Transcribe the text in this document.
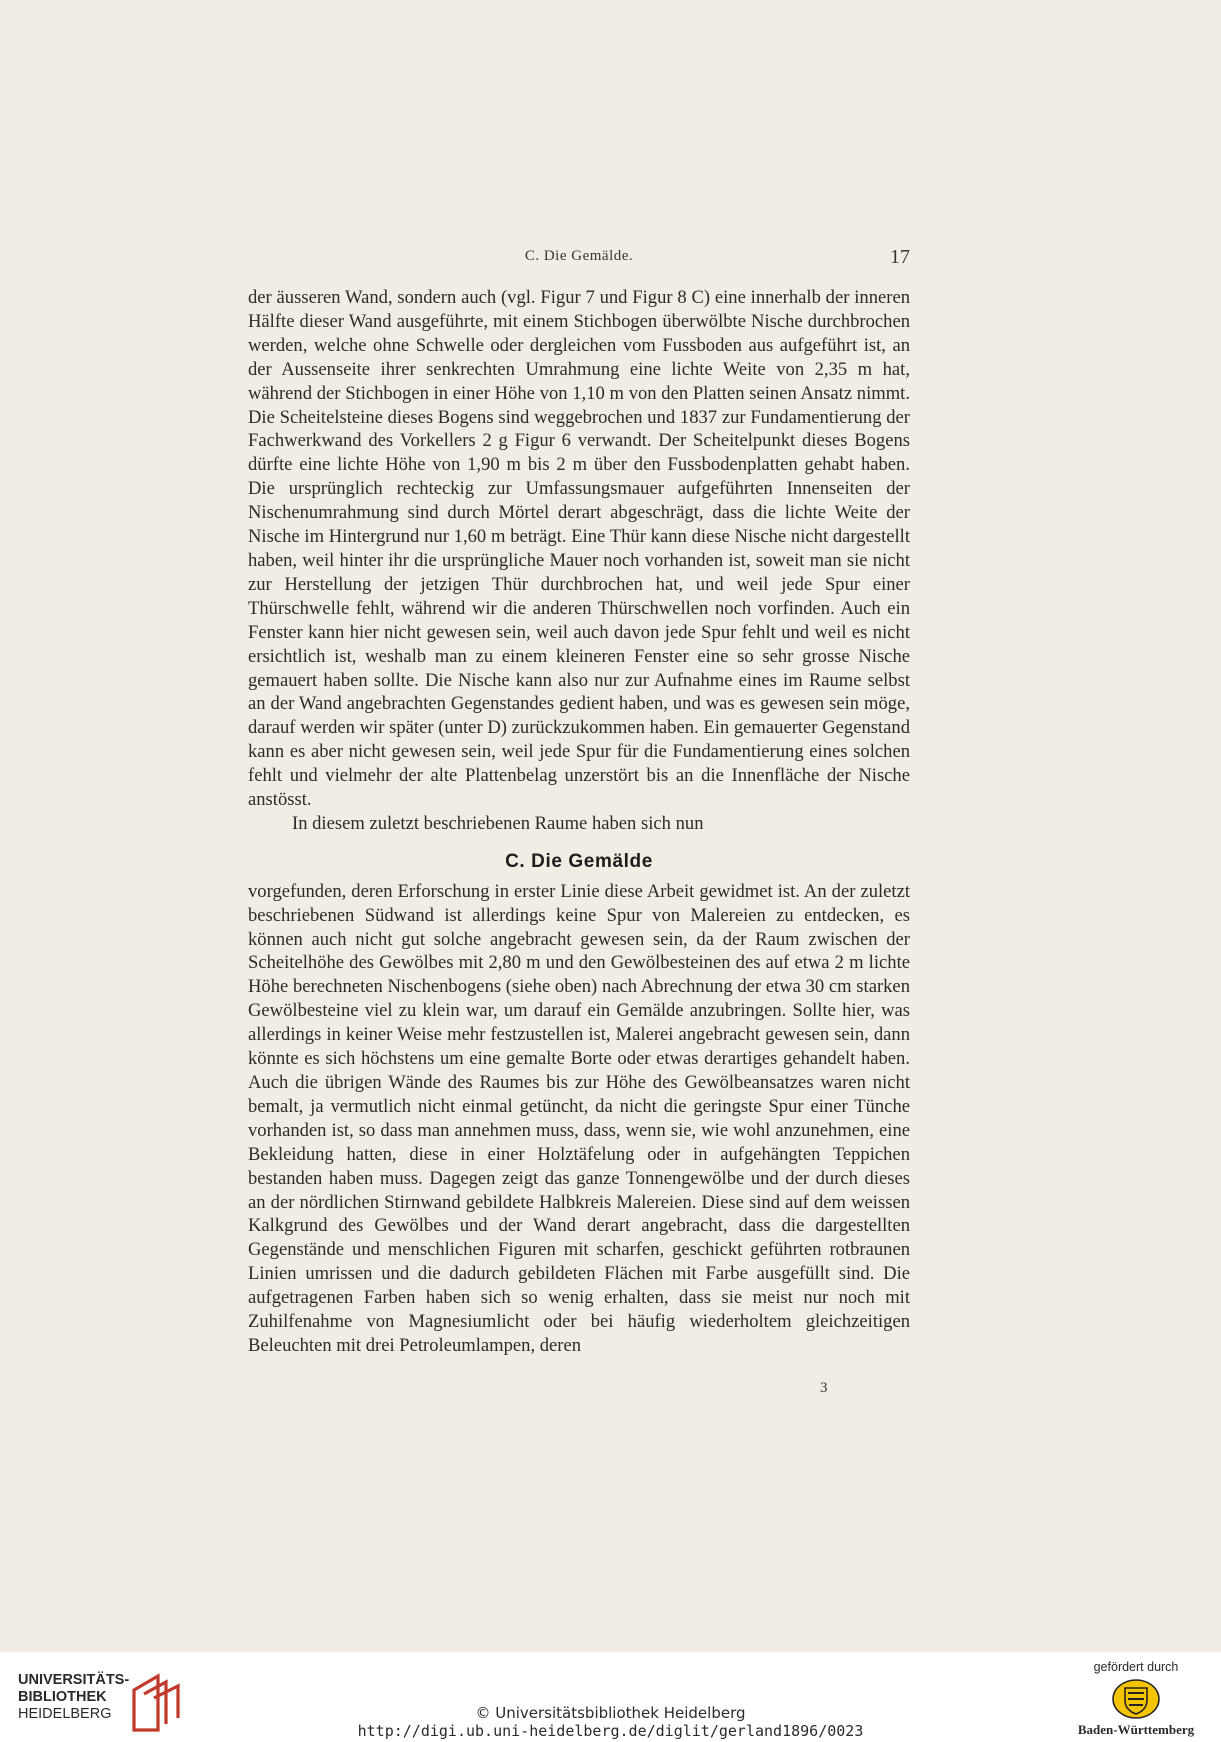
C. Die Gemälde.	17

der äusseren Wand, sondern auch (vgl. Figur 7 und Figur 8 C) eine innerhalb der inneren Hälfte dieser Wand ausgeführte, mit einem Stichbogen überwölbte Nische durchbrochen werden, welche ohne Schwelle oder dergleichen vom Fussboden aus aufgeführt ist, an der Aussenseite ihrer senkrechten Umrahmung eine lichte Weite von 2,35 m hat, während der Stichbogen in einer Höhe von 1,10 m von den Platten seinen Ansatz nimmt. Die Scheitelsteine dieses Bogens sind weggebrochen und 1837 zur Fundamentierung der Fachwerkwand des Vorkellers 2 g Figur 6 verwandt. Der Scheitelpunkt dieses Bogens dürfte eine lichte Höhe von 1,90 m bis 2 m über den Fussbodenplatten gehabt haben. Die ursprünglich rechteckig zur Umfassungsmauer aufgeführten Innenseiten der Nischenumrahmung sind durch Mörtel derart abgeschrägt, dass die lichte Weite der Nische im Hintergrund nur 1,60 m beträgt. Eine Thür kann diese Nische nicht dargestellt haben, weil hinter ihr die ursprüngliche Mauer noch vorhanden ist, soweit man sie nicht zur Herstellung der jetzigen Thür durchbrochen hat, und weil jede Spur einer Thürschwelle fehlt, während wir die anderen Thürschwellen noch vorfinden. Auch ein Fenster kann hier nicht gewesen sein, weil auch davon jede Spur fehlt und weil es nicht ersichtlich ist, weshalb man zu einem kleineren Fenster eine so sehr grosse Nische gemauert haben sollte. Die Nische kann also nur zur Aufnahme eines im Raume selbst an der Wand angebrachten Gegenstandes gedient haben, und was es gewesen sein möge, darauf werden wir später (unter D) zurückzukommen haben. Ein gemauerter Gegenstand kann es aber nicht gewesen sein, weil jede Spur für die Fundamentierung eines solchen fehlt und vielmehr der alte Plattenbelag unzerstört bis an die Innenfläche der Nische anstösst.

In diesem zuletzt beschriebenen Raume haben sich nun

C. Die Gemälde

vorgefunden, deren Erforschung in erster Linie diese Arbeit gewidmet ist. An der zuletzt beschriebenen Südwand ist allerdings keine Spur von Malereien zu entdecken, es können auch nicht gut solche angebracht gewesen sein, da der Raum zwischen der Scheitelhöhe des Gewölbes mit 2,80 m und den Gewölbesteinen des auf etwa 2 m lichte Höhe berechneten Nischenbogens (siehe oben) nach Abrechnung der etwa 30 cm starken Gewölbesteine viel zu klein war, um darauf ein Gemälde anzubringen. Sollte hier, was allerdings in keiner Weise mehr festzustellen ist, Malerei angebracht gewesen sein, dann könnte es sich höchstens um eine gemalte Borte oder etwas derartiges gehandelt haben. Auch die übrigen Wände des Raumes bis zur Höhe des Gewölbeansatzes waren nicht bemalt, ja vermutlich nicht einmal getüncht, da nicht die geringste Spur einer Tünche vorhanden ist, so dass man annehmen muss, dass, wenn sie, wie wohl anzunehmen, eine Bekleidung hatten, diese in einer Holztäfelung oder in aufgehängten Teppichen bestanden haben muss. Dagegen zeigt das ganze Tonnengewölbe und der durch dieses an der nördlichen Stirnwand gebildete Halbkreis Malereien. Diese sind auf dem weissen Kalkgrund des Gewölbes und der Wand derart angebracht, dass die dargestellten Gegenstände und menschlichen Figuren mit scharfen, geschickt geführten rotbraunen Linien umrissen und die dadurch gebildeten Flächen mit Farbe ausgefüllt sind. Die aufgetragenen Farben haben sich so wenig erhalten, dass sie meist nur noch mit Zuhilfenahme von Magnesiumlicht oder bei häufig wiederholtem gleichzeitigen Beleuchten mit drei Petroleumlampen, deren

3
UNIVERSITÄTS-
BIBLIOTHEK
HEIDELBERG	© Universitätsbibliothek Heidelberg
http://digi.ub.uni-heidelberg.de/diglit/gerland1896/0023
gefördert durch
Baden-Württemberg
